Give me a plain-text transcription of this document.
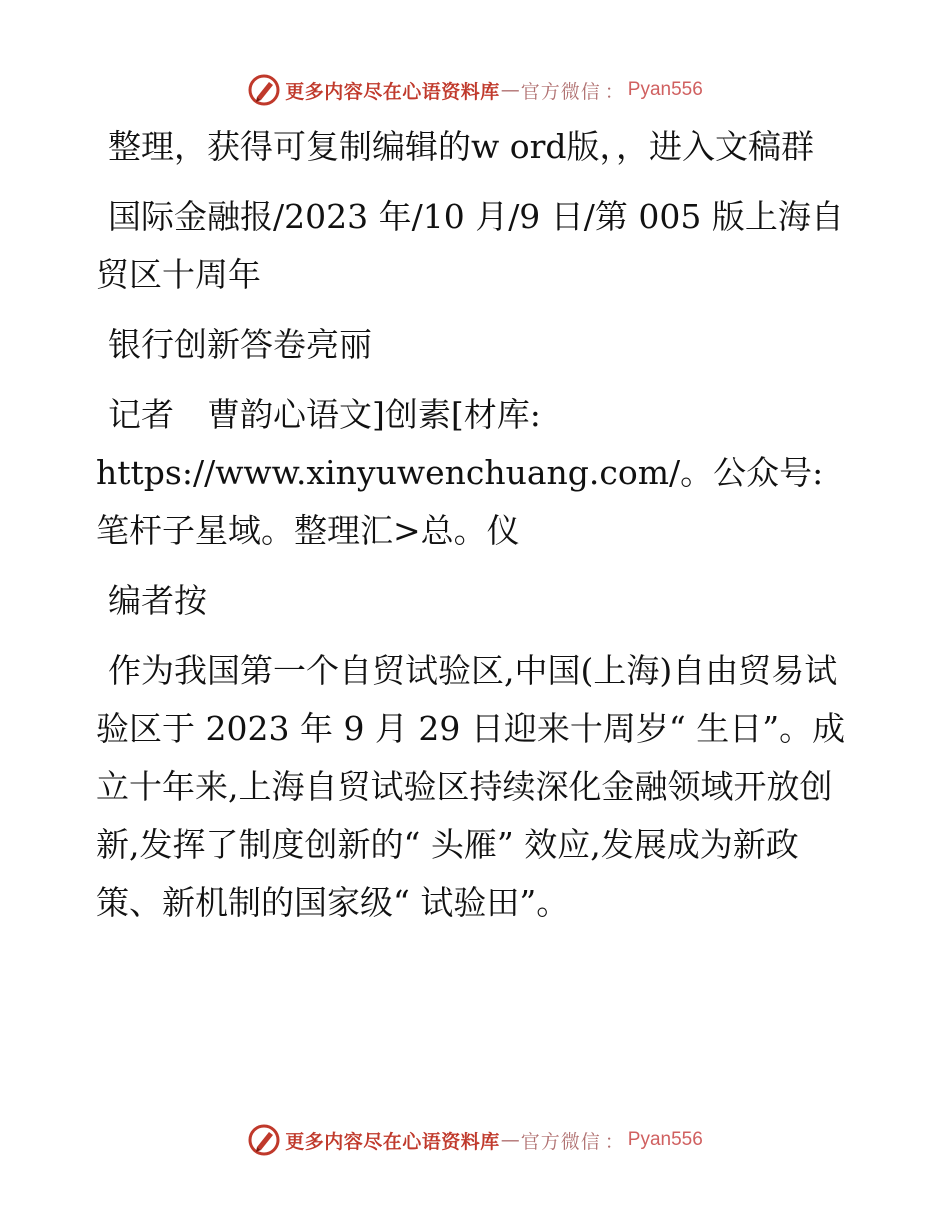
更多内容尽在心语资料库 — 官方微信 ： Pyan556

整理，获得可复制编辑的w ord版，，进入文稿群

国际金融报/2023 年/10 月/9 日/第 005 版上海自贸区十周年

银行创新答卷亮丽

记者　曹韵心语文]创素[材库: https://www.xinyuwenchuang.com/。公众号: 笔杆子星域。整理汇>总。仪

编者按

作为我国第一个自贸试验区,中国(上海)自由贸易试验区于 2023 年 9 月 29 日迎来十周岁“ 生日”。成立十年来,上海自贸试验区持续深化金融领域开放创新,发挥了制度创新的“ 头雁” 效应,发展成为新政策、新机制的国家级“ 试验田”。

更多内容尽在心语资料库 — 官方微信 ： Pyan556
